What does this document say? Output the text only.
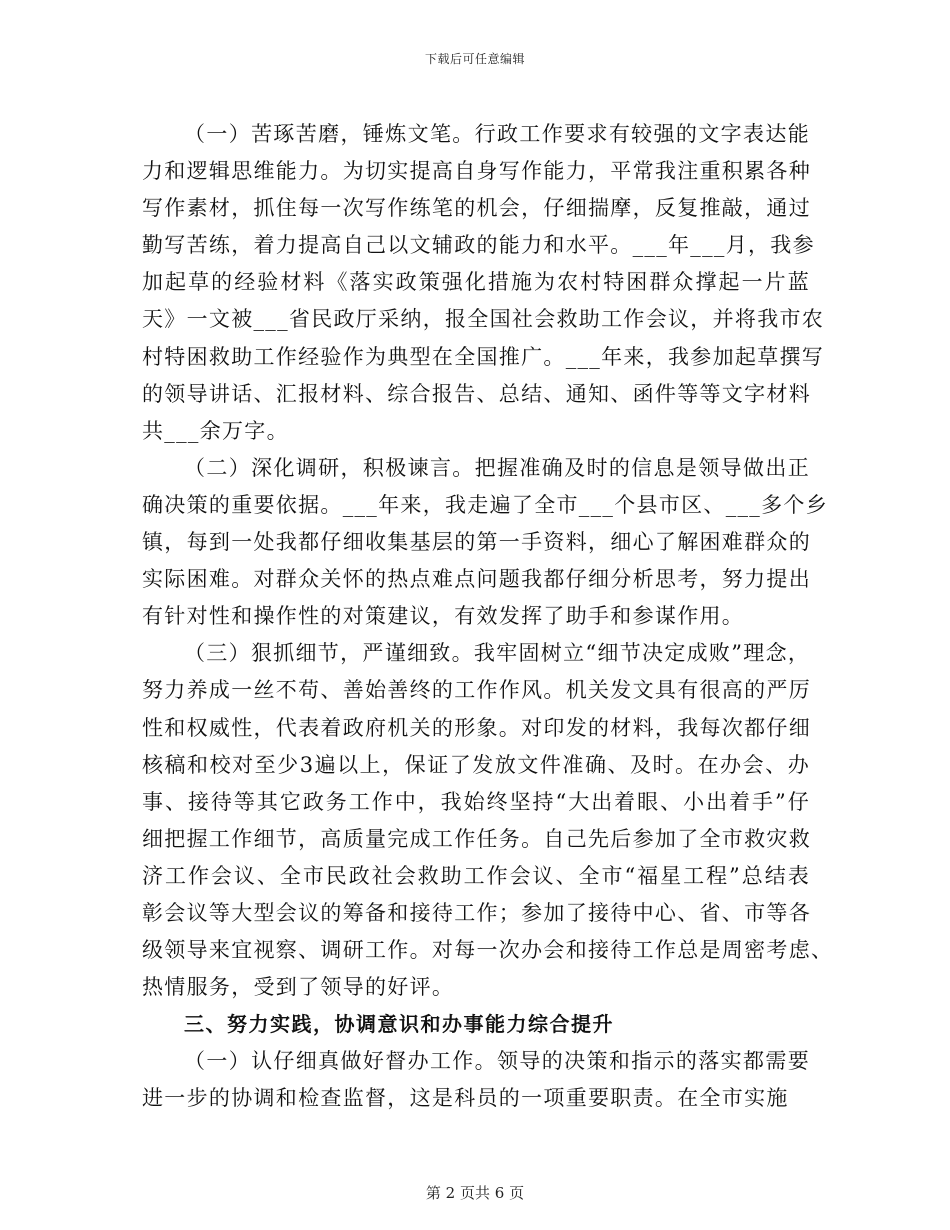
下载后可任意编辑
（一）苦琢苦磨，锤炼文笔。行政工作要求有较强的文字表达能
力和逻辑思维能力。为切实提高自身写作能力，平常我注重积累各种
写作素材，抓住每一次写作练笔的机会，仔细揣摩，反复推敲，通过
勤写苦练，着力提高自己以文辅政的能力和水平。___年___月，我参
加起草的经验材料《落实政策强化措施为农村特困群众撑起一片蓝
天》一文被___省民政厅采纳，报全国社会救助工作会议，并将我市农
村特困救助工作经验作为典型在全国推广。___年来，我参加起草撰写
的领导讲话、汇报材料、综合报告、总结、通知、函件等等文字材料
共___余万字。
（二）深化调研，积极谏言。把握准确及时的信息是领导做出正
确决策的重要依据。___年来，我走遍了全市___个县市区、___多个乡
镇，每到一处我都仔细收集基层的第一手资料，细心了解困难群众的
实际困难。对群众关怀的热点难点问题我都仔细分析思考，努力提出
有针对性和操作性的对策建议，有效发挥了助手和参谋作用。
（三）狠抓细节，严谨细致。我牢固树立“细节决定成败”理念，
努力养成一丝不苟、善始善终的工作作风。机关发文具有很高的严厉
性和权威性，代表着政府机关的形象。对印发的材料，我每次都仔细
核稿和校对至少3遍以上，保证了发放文件准确、及时。在办会、办
事、接待等其它政务工作中，我始终坚持“大出着眼、小出着手”仔
细把握工作细节，高质量完成工作任务。自己先后参加了全市救灾救
济工作会议、全市民政社会救助工作会议、全市“福星工程”总结表
彰会议等大型会议的筹备和接待工作；参加了接待中心、省、市等各
级领导来宜视察、调研工作。对每一次办会和接待工作总是周密考虑、
热情服务，受到了领导的好评。
三、努力实践，协调意识和办事能力综合提升
（一）认仔细真做好督办工作。领导的决策和指示的落实都需要
进一步的协调和检查监督，这是科员的一项重要职责。在全市实施
第 2 页共 6 页
